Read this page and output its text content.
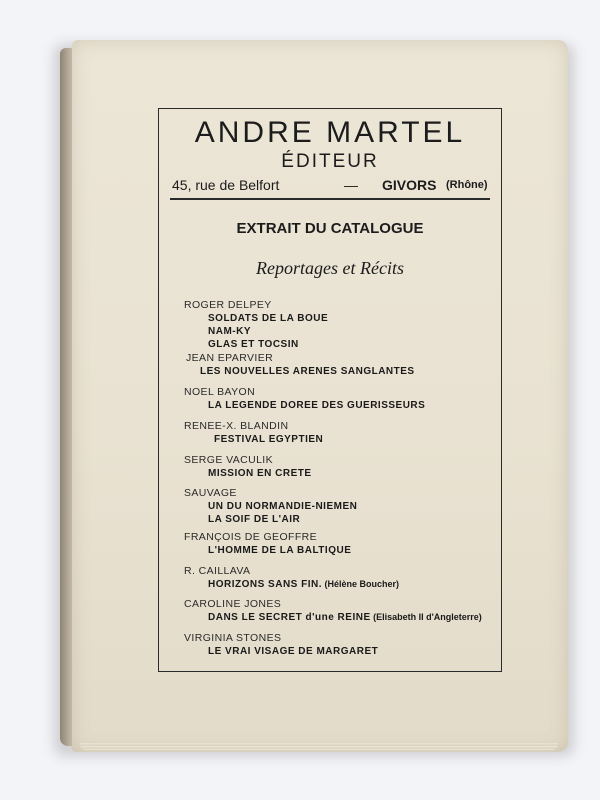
ANDRE MARTEL
ÉDITEUR
45, rue de Belfort	— GIVORS (Rhône)
EXTRAIT DU CATALOGUE
Reportages et Récits
ROGER DELPEY
SOLDATS DE LA BOUE
NAM-KY
GLAS ET TOCSIN
JEAN EPARVIER
LES NOUVELLES ARENES SANGLANTES
NOEL BAYON
LA LEGENDE DOREE DES GUERISSEURS
RENEE-X. BLANDIN
FESTIVAL EGYPTIEN
SERGE VACULIK
MISSION EN CRETE
SAUVAGE
UN DU NORMANDIE-NIEMEN
LA SOIF DE L'AIR
FRANÇOIS DE GEOFFRE
L'HOMME DE LA BALTIQUE
R. CAILLAVA
HORIZONS SANS FIN. (Hélène Boucher)
CAROLINE JONES
DANS LE SECRET d'une REINE (Elisabeth II d'Angleterre)
VIRGINIA STONES
LE VRAI VISAGE DE MARGARET
